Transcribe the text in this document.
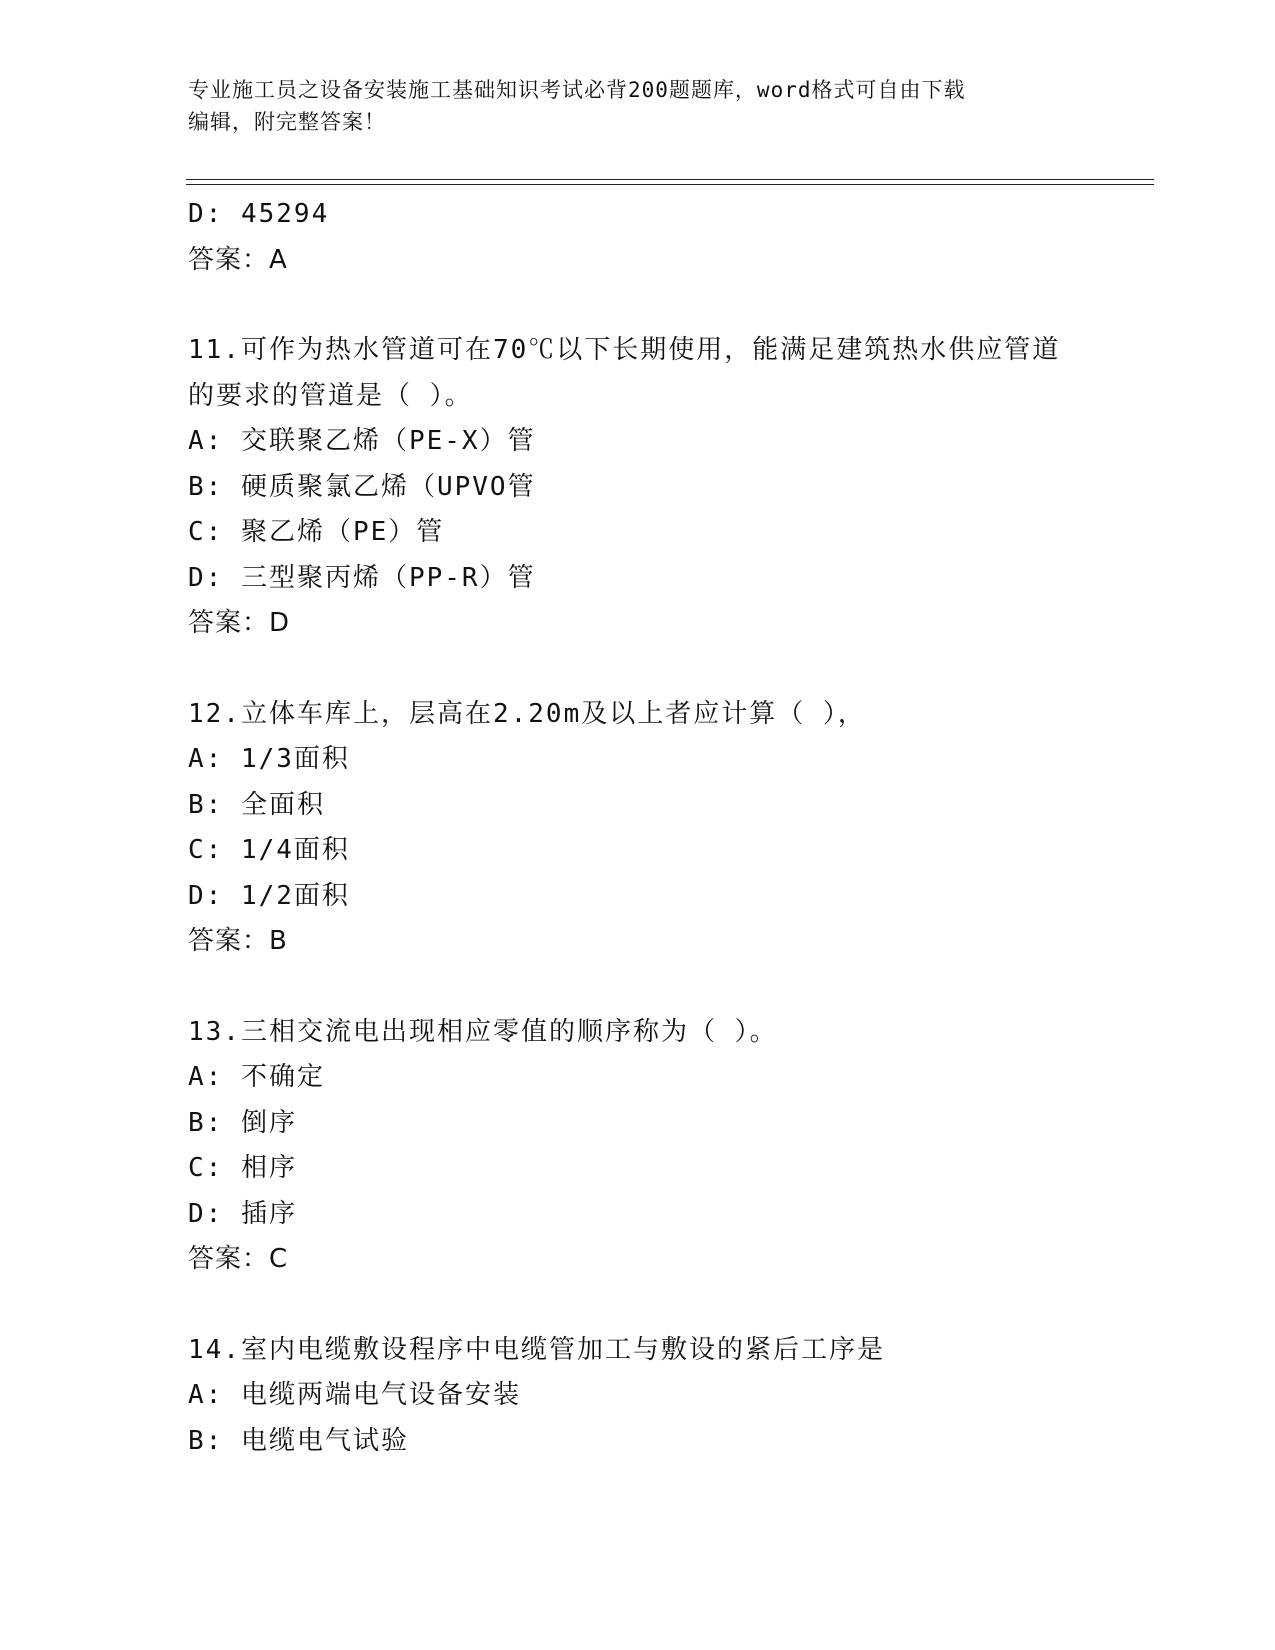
专业施工员之设备安装施工基础知识考试必背200题题库，word格式可自由下载
编辑，附完整答案！
D: 45294
答案：A
11.可作为热水管道可在70℃以下长期使用，能满足建筑热水供应管道
的要求的管道是（ ）。
A: 交联聚乙烯（PE-X）管
B: 硬质聚氯乙烯（UPVO管
C: 聚乙烯（PE）管
D: 三型聚丙烯（PP-R）管
答案：D
12.立体车库上，层高在2.20m及以上者应计算（ ），
A: 1/3面积
B: 全面积
C: 1/4面积
D: 1/2面积
答案：B
13.三相交流电出现相应零值的顺序称为（ ）。
A: 不确定
B: 倒序
C: 相序
D: 插序
答案：C
14.室内电缆敷设程序中电缆管加工与敷设的紧后工序是
A: 电缆两端电气设备安装
B: 电缆电气试验
